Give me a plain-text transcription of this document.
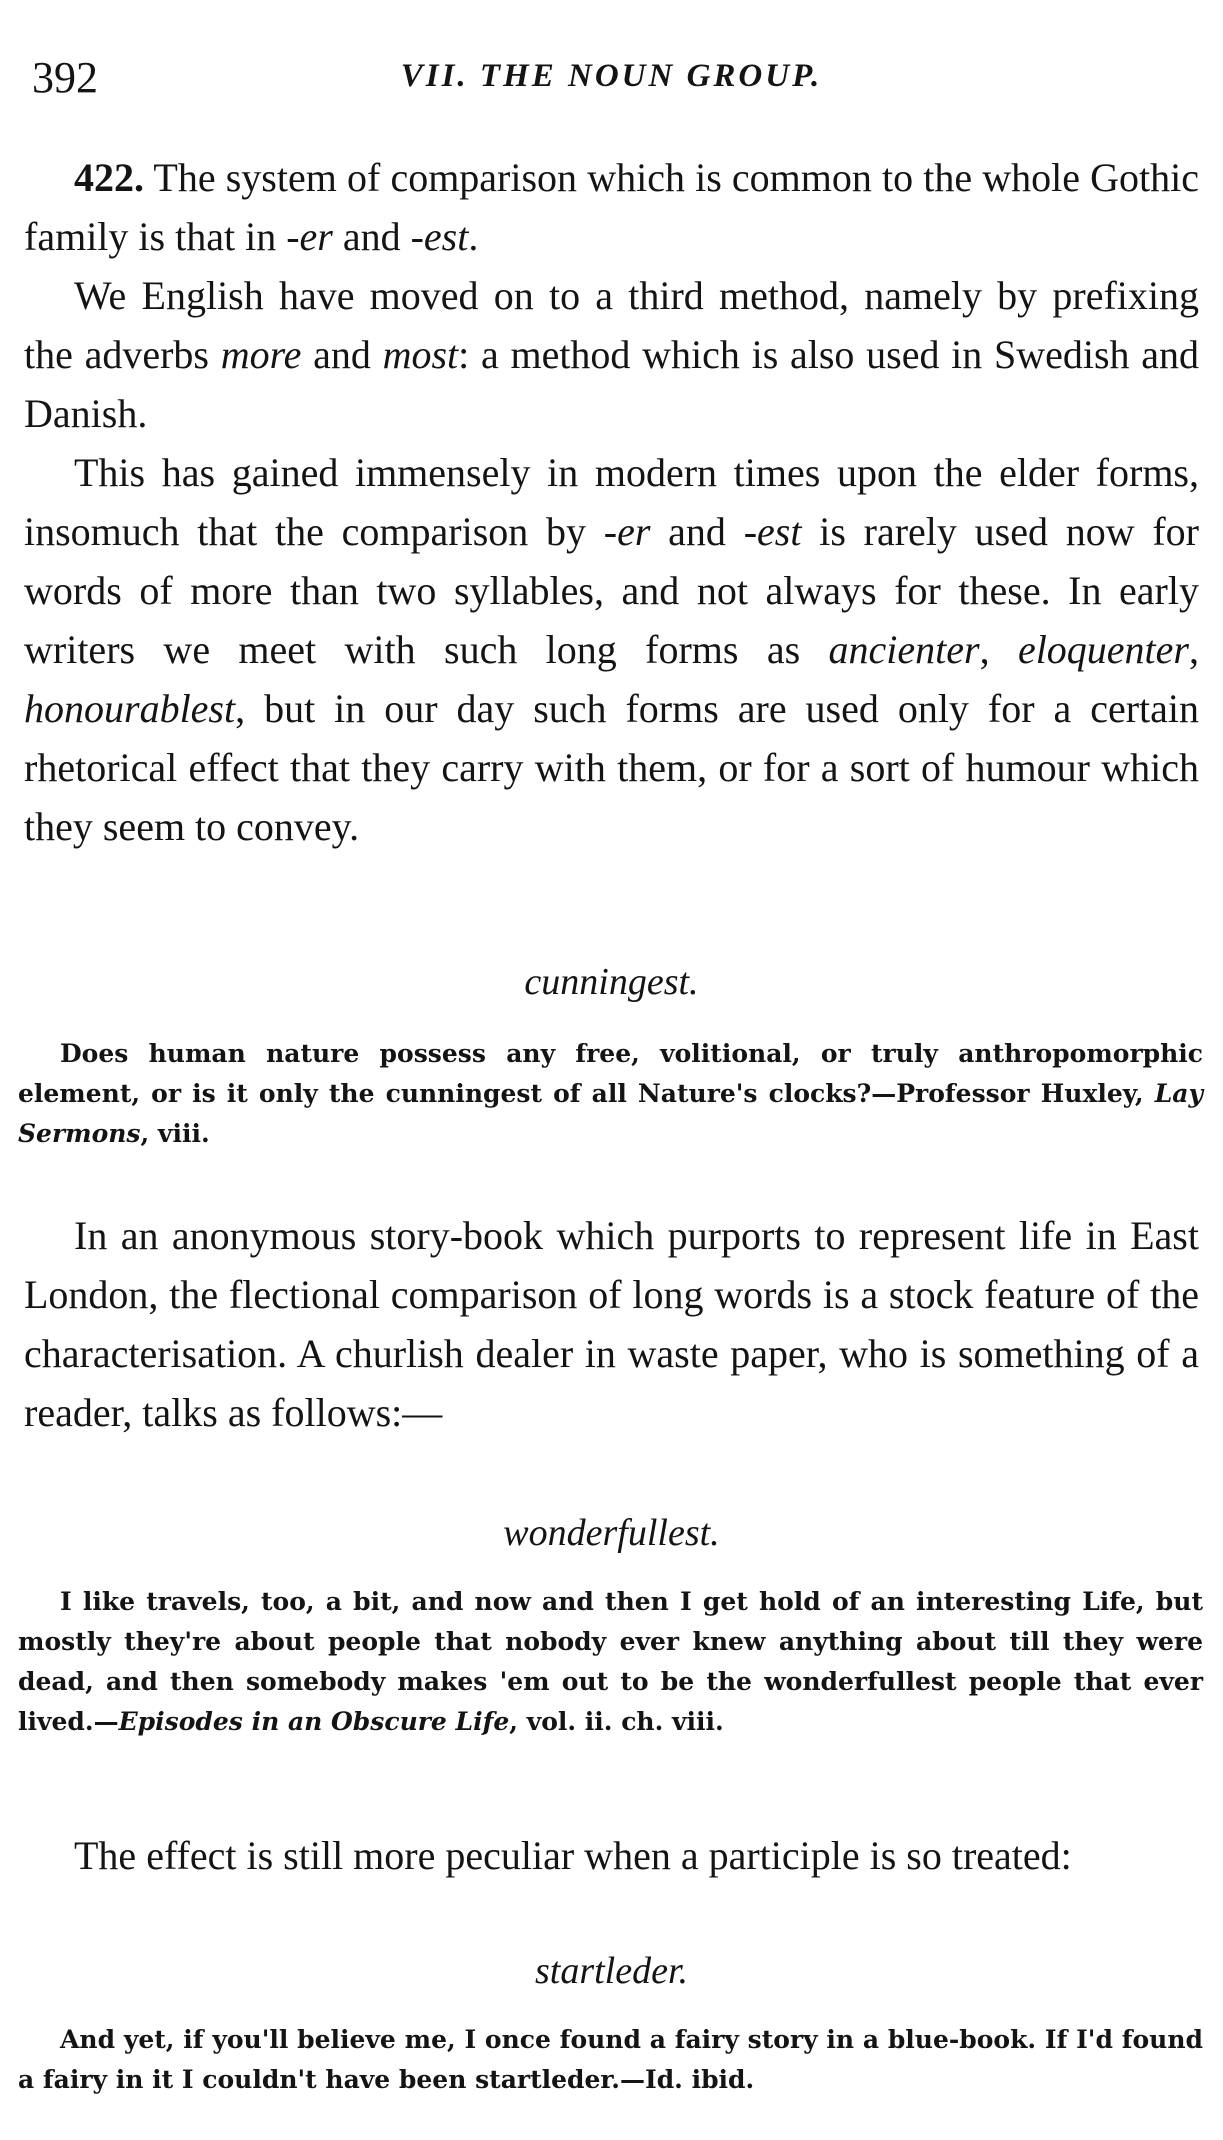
392	VII. THE NOUN GROUP.

422. The system of comparison which is common to the whole Gothic family is that in -er and -est.

We English have moved on to a third method, namely by prefixing the adverbs more and most: a method which is also used in Swedish and Danish.

This has gained immensely in modern times upon the elder forms, insomuch that the comparison by -er and -est is rarely used now for words of more than two syllables, and not always for these. In early writers we meet with such long forms as ancienter, eloquenter, honourablest, but in our day such forms are used only for a certain rhetorical effect that they carry with them, or for a sort of humour which they seem to convey.

cunningest.

Does human nature possess any free, volitional, or truly anthropomorphic element, or is it only the cunningest of all Nature's clocks?—Professor Huxley, Lay Sermons, viii.

In an anonymous story-book which purports to represent life in East London, the flectional comparison of long words is a stock feature of the characterisation. A churlish dealer in waste paper, who is something of a reader, talks as follows:—

wonderfullest.

I like travels, too, a bit, and now and then I get hold of an interesting Life, but mostly they're about people that nobody ever knew anything about till they were dead, and then somebody makes 'em out to be the wonderfullest people that ever lived.—Episodes in an Obscure Life, vol. ii. ch. viii.

The effect is still more peculiar when a participle is so treated:

startleder.

And yet, if you'll believe me, I once found a fairy story in a blue-book. If I'd found a fairy in it I couldn't have been startleder.—Id. ibid.
